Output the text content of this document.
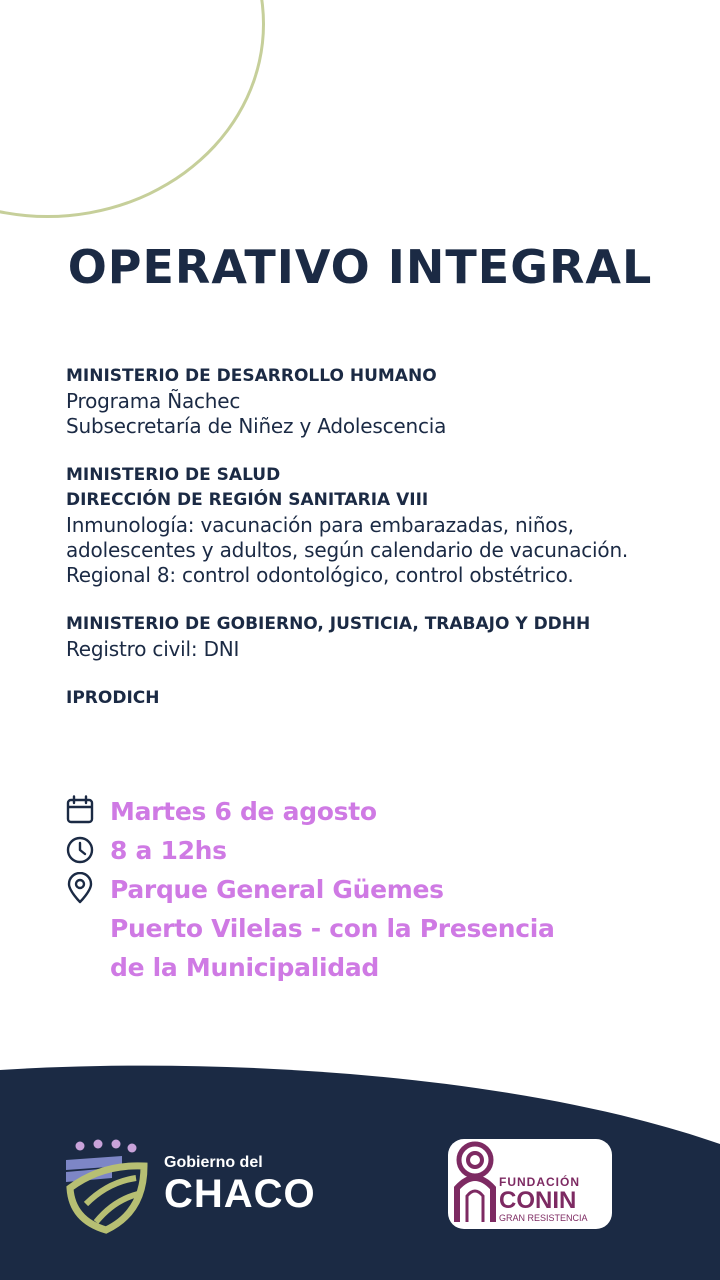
OPERATIVO INTEGRAL
MINISTERIO DE DESARROLLO HUMANO
Programa Ñachec
Subsecretaría de Niñez y Adolescencia
MINISTERIO DE SALUD
DIRECCIÓN DE REGIÓN SANITARIA VIII
Inmunología: vacunación para embarazadas, niños,
adolescentes y adultos, según calendario de vacunación.
Regional 8: control odontológico, control obstétrico.
MINISTERIO DE GOBIERNO, JUSTICIA, TRABAJO Y DDHH
Registro civil: DNI
IPRODICH
Martes 6 de agosto
8 a 12hs
Parque General Güemes
Puerto Vilelas - con la Presencia
de la Municipalidad
Gobierno del
CHACO	FUNDACIÓN
CONIN
GRAN RESISTENCIA
